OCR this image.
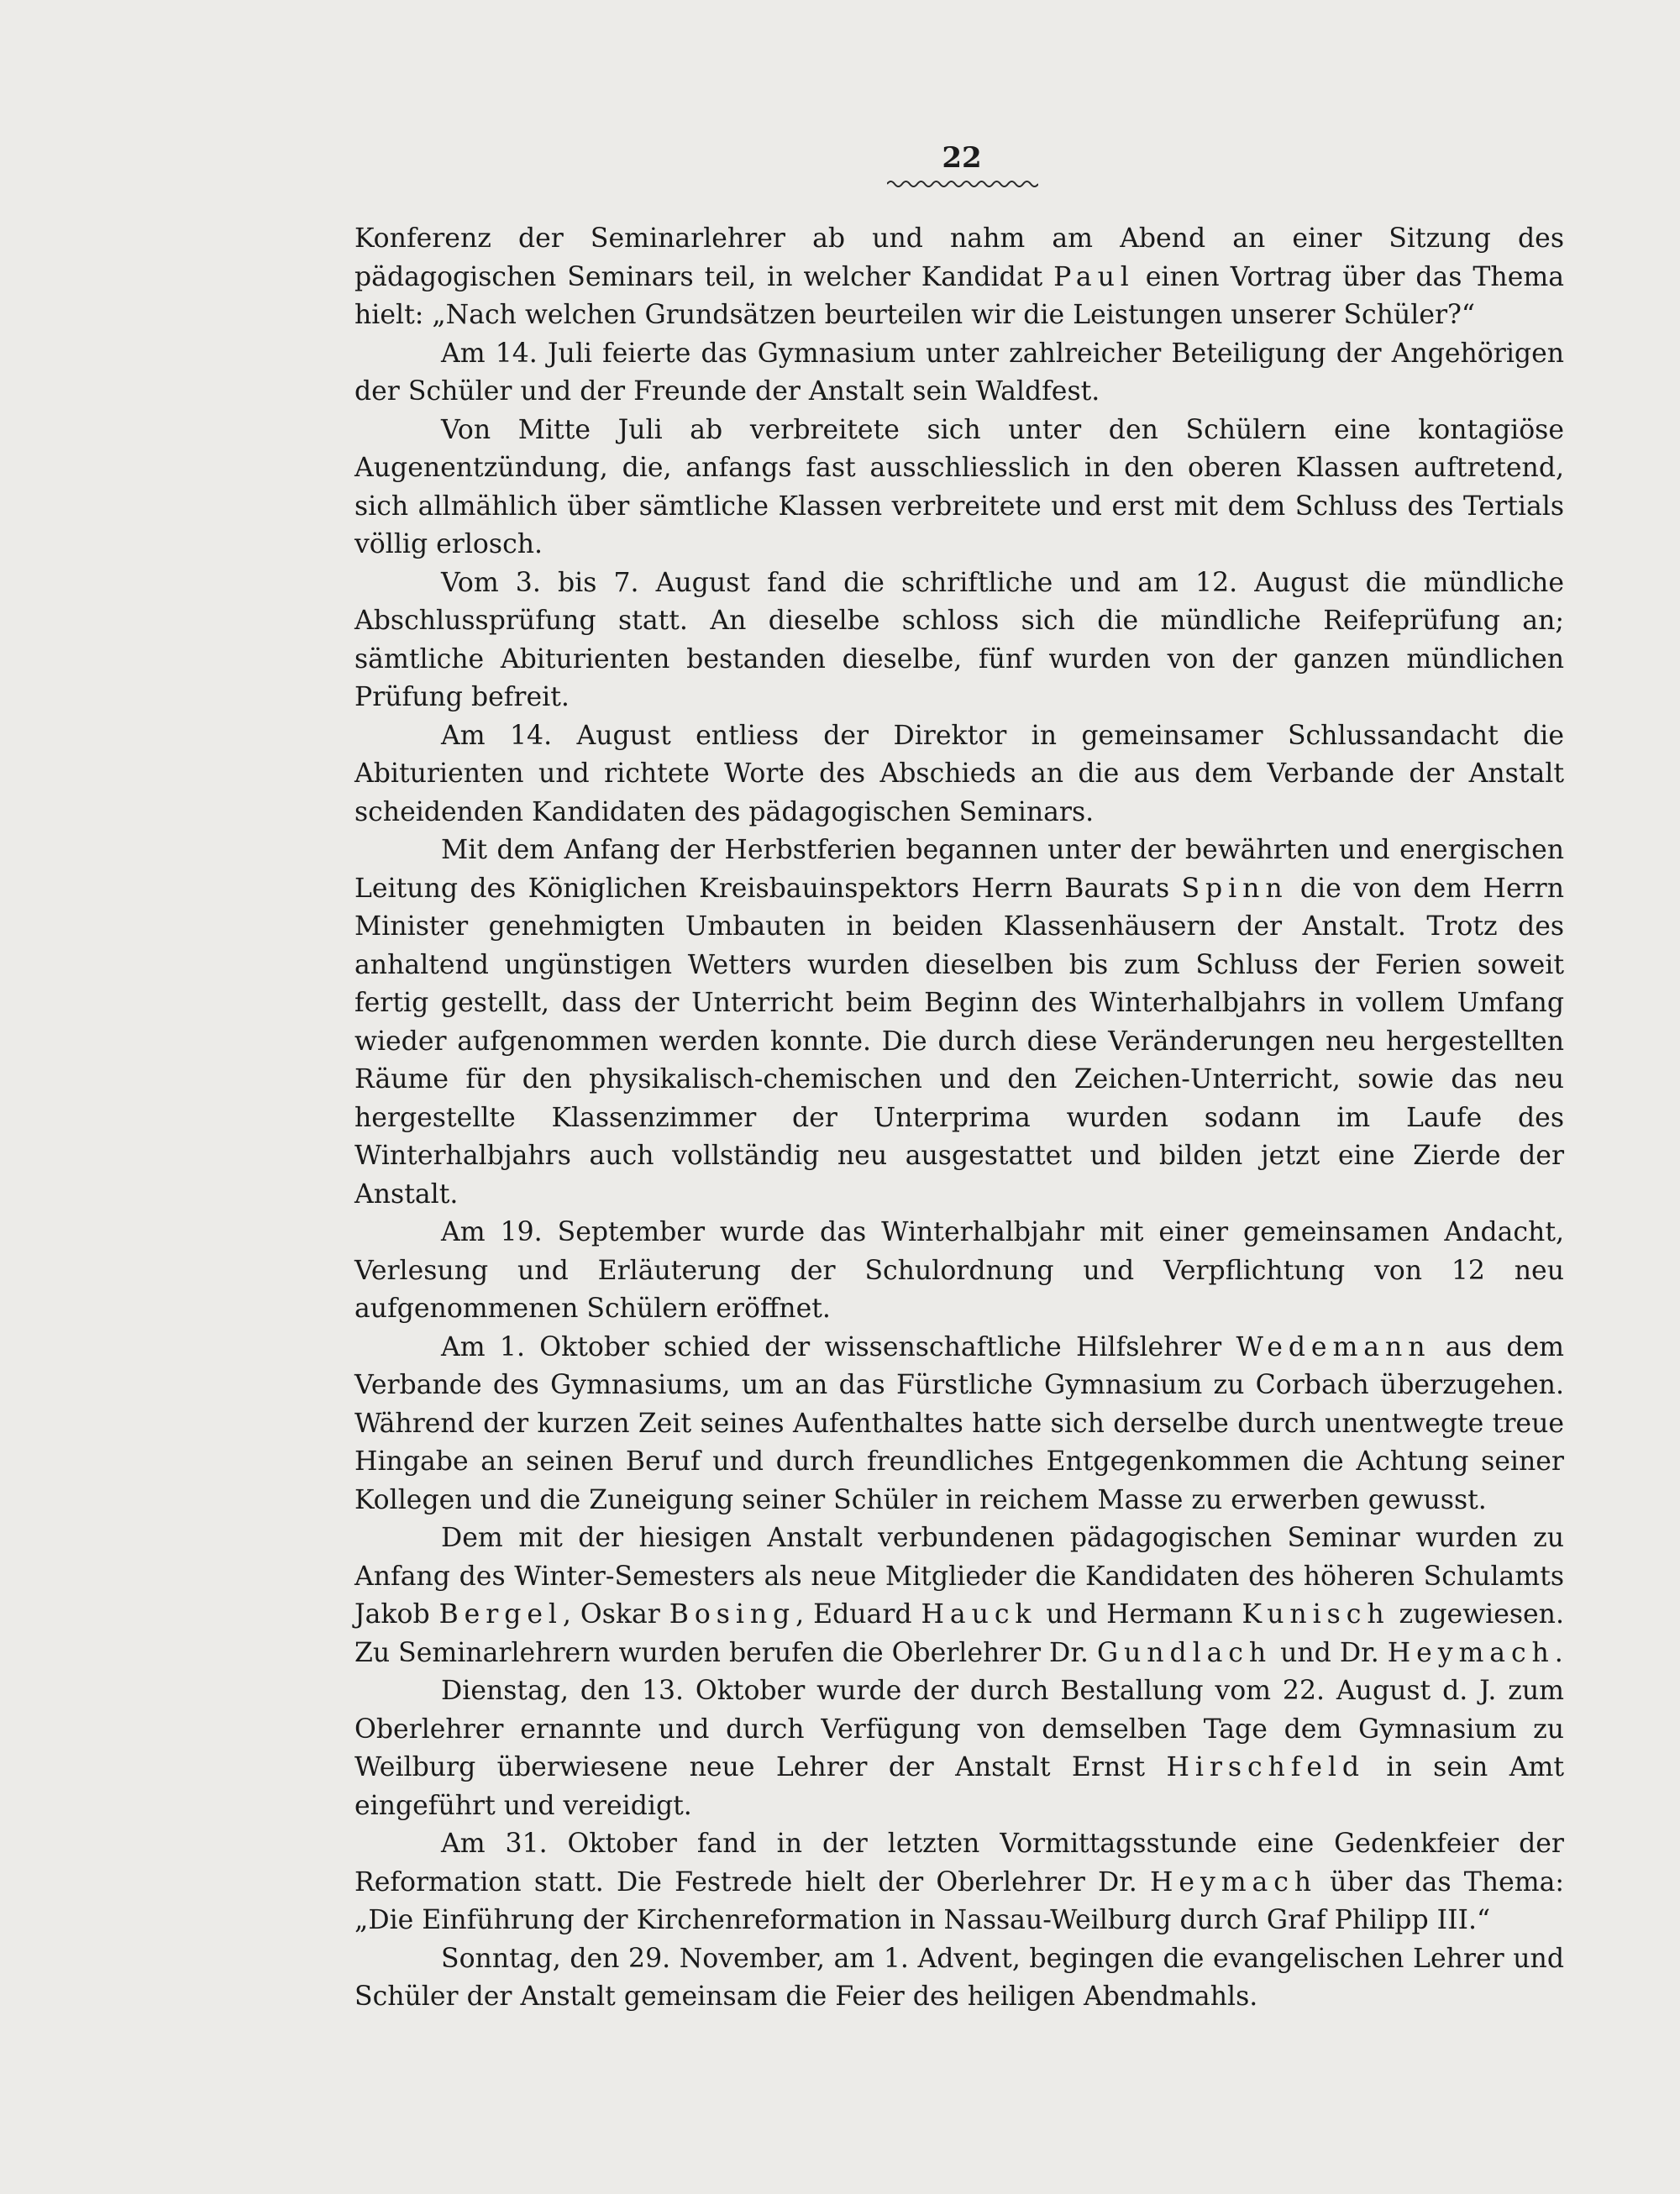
22

Konferenz der Seminarlehrer ab und nahm am Abend an einer Sitzung des pädagogischen Seminars teil, in welcher Kandidat Paul einen Vortrag über das Thema hielt: „Nach welchen Grundsätzen beurteilen wir die Leistungen unserer Schüler?“

Am 14. Juli feierte das Gymnasium unter zahlreicher Beteiligung der Angehörigen der Schüler und der Freunde der Anstalt sein Waldfest.

Von Mitte Juli ab verbreitete sich unter den Schülern eine kontagiöse Augenentzündung, die, anfangs fast ausschliesslich in den oberen Klassen auftretend, sich allmählich über sämtliche Klassen verbreitete und erst mit dem Schluss des Tertials völlig erlosch.

Vom 3. bis 7. August fand die schriftliche und am 12. August die mündliche Abschlussprüfung statt. An dieselbe schloss sich die mündliche Reifeprüfung an; sämtliche Abiturienten bestanden dieselbe, fünf wurden von der ganzen mündlichen Prüfung befreit.

Am 14. August entliess der Direktor in gemeinsamer Schlussandacht die Abiturienten und richtete Worte des Abschieds an die aus dem Verbande der Anstalt scheidenden Kandidaten des pädagogischen Seminars.

Mit dem Anfang der Herbstferien begannen unter der bewährten und energischen Leitung des Königlichen Kreisbauinspektors Herrn Baurats Spinn die von dem Herrn Minister genehmigten Umbauten in beiden Klassenhäusern der Anstalt. Trotz des anhaltend ungünstigen Wetters wurden dieselben bis zum Schluss der Ferien soweit fertig gestellt, dass der Unterricht beim Beginn des Winterhalbjahrs in vollem Umfang wieder aufgenommen werden konnte. Die durch diese Veränderungen neu hergestellten Räume für den physikalisch-chemischen und den Zeichen-Unterricht, sowie das neu hergestellte Klassenzimmer der Unterprima wurden sodann im Laufe des Winterhalbjahrs auch vollständig neu ausgestattet und bilden jetzt eine Zierde der Anstalt.

Am 19. September wurde das Winterhalbjahr mit einer gemeinsamen Andacht, Verlesung und Erläuterung der Schulordnung und Verpflichtung von 12 neu aufgenommenen Schülern eröffnet.

Am 1. Oktober schied der wissenschaftliche Hilfslehrer Wedemann aus dem Verbande des Gymnasiums, um an das Fürstliche Gymnasium zu Corbach überzugehen. Während der kurzen Zeit seines Aufenthaltes hatte sich derselbe durch unentwegte treue Hingabe an seinen Beruf und durch freundliches Entgegenkommen die Achtung seiner Kollegen und die Zuneigung seiner Schüler in reichem Masse zu erwerben gewusst.

Dem mit der hiesigen Anstalt verbundenen pädagogischen Seminar wurden zu Anfang des Winter-Semesters als neue Mitglieder die Kandidaten des höheren Schulamts Jakob Bergel, Oskar Bosing, Eduard Hauck und Hermann Kunisch zugewiesen. Zu Seminarlehrern wurden berufen die Oberlehrer Dr. Gundlach und Dr. Heymach.

Dienstag, den 13. Oktober wurde der durch Bestallung vom 22. August d. J. zum Oberlehrer ernannte und durch Verfügung von demselben Tage dem Gymnasium zu Weilburg überwiesene neue Lehrer der Anstalt Ernst Hirschfeld in sein Amt eingeführt und vereidigt.

Am 31. Oktober fand in der letzten Vormittagsstunde eine Gedenkfeier der Reformation statt. Die Festrede hielt der Oberlehrer Dr. Heymach über das Thema: „Die Einführung der Kirchenreformation in Nassau-Weilburg durch Graf Philipp III.“

Sonntag, den 29. November, am 1. Advent, begingen die evangelischen Lehrer und Schüler der Anstalt gemeinsam die Feier des heiligen Abendmahls.
